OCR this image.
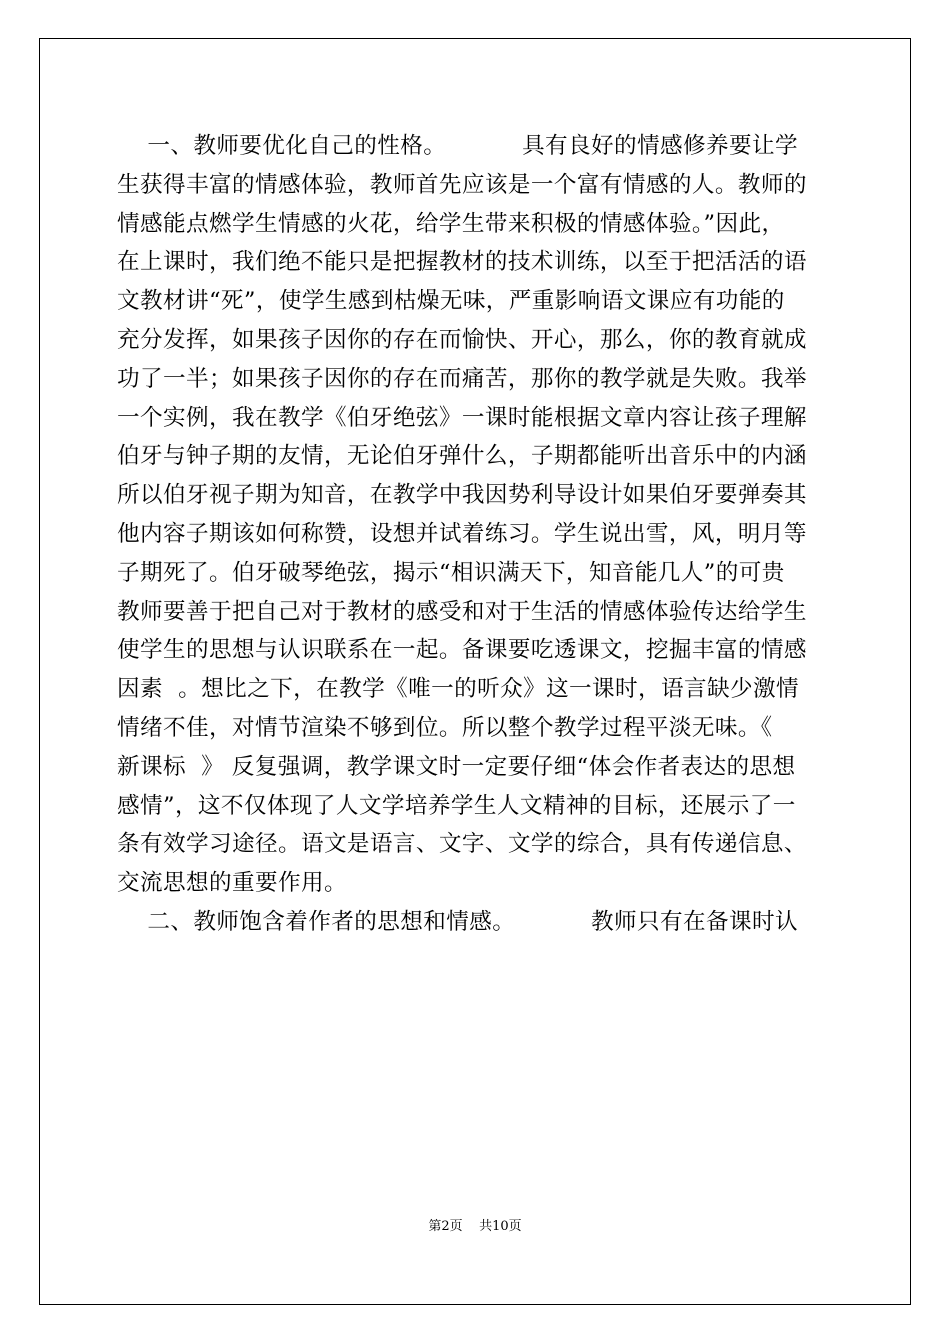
一、教师要优化自己的性格。          具有良好的情感修养要让学
生获得丰富的情感体验，教师首先应该是一个富有情感的人。教师的
情感能点燃学生情感的火花，给学生带来积极的情感体验。”因此，
在上课时，我们绝不能只是把握教材的技术训练，以至于把活活的语
文教材讲“死”，使学生感到枯燥无味，严重影响语文课应有功能的
充分发挥，如果孩子因你的存在而愉快、开心，那么，你的教育就成
功了一半；如果孩子因你的存在而痛苦，那你的教学就是失败。我举
一个实例，我在教学《伯牙绝弦》一课时能根据文章内容让孩子理解
伯牙与钟子期的友情，无论伯牙弹什么，子期都能听出音乐中的内涵
所以伯牙视子期为知音，在教学中我因势利导设计如果伯牙要弹奏其
他内容子期该如何称赞，设想并试着练习。学生说出雪，风，明月等
子期死了。伯牙破琴绝弦，揭示“相识满天下，知音能几人”的可贵
教师要善于把自己对于教材的感受和对于生活的情感体验传达给学生
使学生的思想与认识联系在一起。备课要吃透课文，挖掘丰富的情感
因素  。想比之下，在教学《唯一的听众》这一课时，语言缺少激情
情绪不佳，对情节渲染不够到位。所以整个教学过程平淡无味。《
新课标  》 反复强调，教学课文时一定要仔细“体会作者表达的思想
感情”，这不仅体现了人文学培养学生人文精神的目标，还展示了一
条有效学习途径。语文是语言、文字、文学的综合，具有传递信息、
交流思想的重要作用。
二、教师饱含着作者的思想和情感。          教师只有在备课时认
第2页    共10页
